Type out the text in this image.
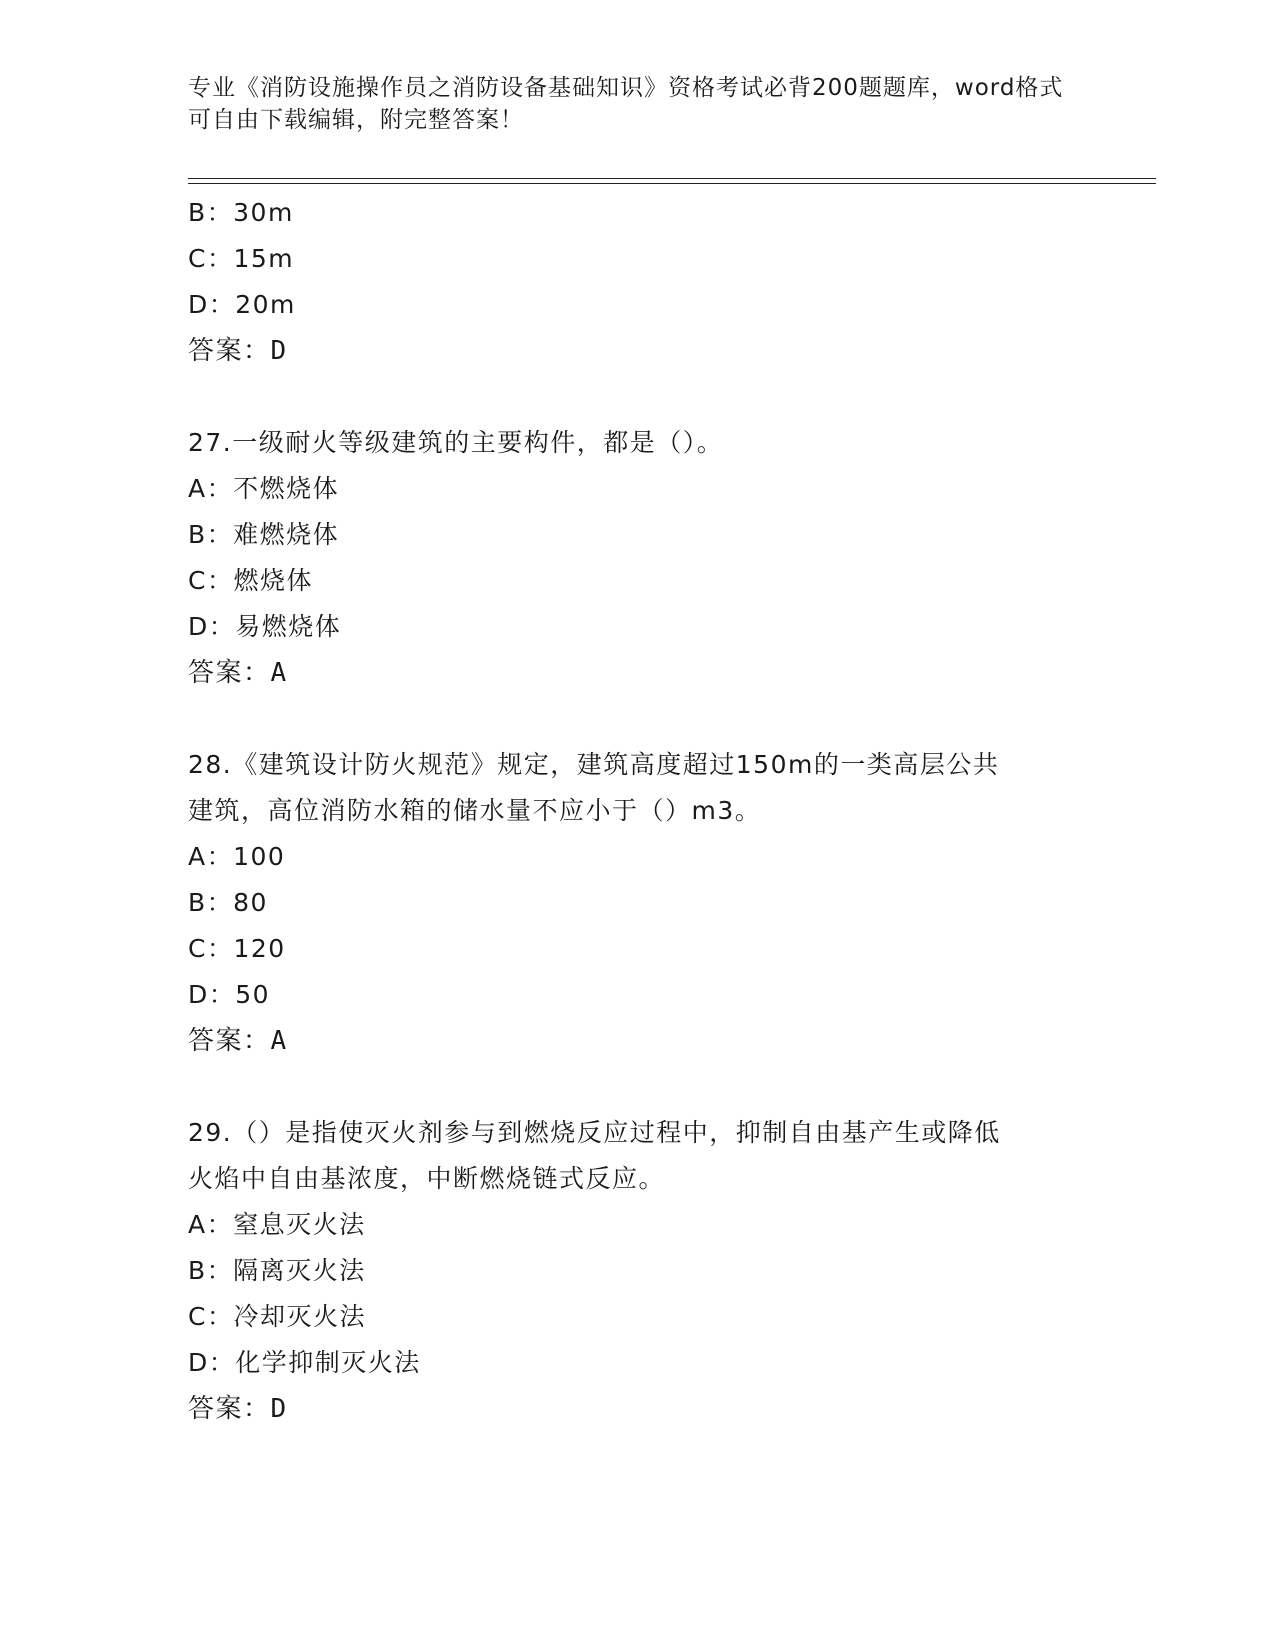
专业《消防设施操作员之消防设备基础知识》资格考试必背200题题库，word格式可自由下载编辑，附完整答案！
B：30m
C：15m
D：20m
答案：D
27.一级耐火等级建筑的主要构件，都是（）。
A：不燃烧体
B：难燃烧体
C：燃烧体
D：易燃烧体
答案：A
28.《建筑设计防火规范》规定，建筑高度超过150m的一类高层公共
建筑，高位消防水箱的储水量不应小于（）m3。
A：100
B：80
C：120
D：50
答案：A
29.（）是指使灭火剂参与到燃烧反应过程中，抑制自由基产生或降低
火焰中自由基浓度，中断燃烧链式反应。
A：窒息灭火法
B：隔离灭火法
C：冷却灭火法
D：化学抑制灭火法
答案：D
